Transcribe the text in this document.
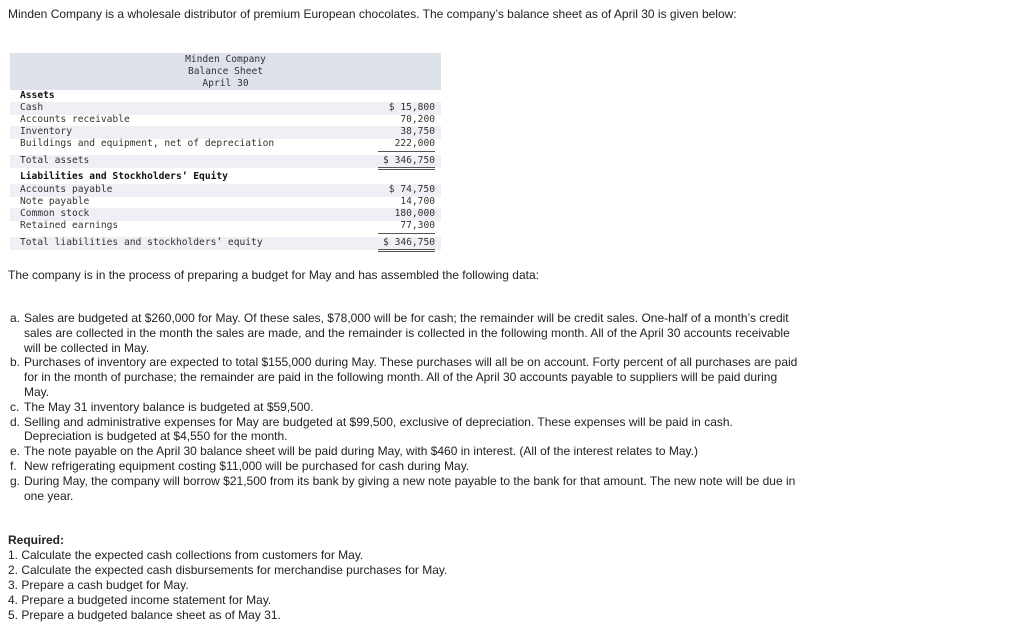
Minden Company is a wholesale distributor of premium European chocolates. The company’s balance sheet as of April 30 is given below:

Minden Company
Balance Sheet
April 30
Assets
Cash	$ 15,800
Accounts receivable	70,200
Inventory	38,750
Buildings and equipment, net of depreciation	222,000
Total assets	$ 346,750
Liabilities and Stockholders’ Equity
Accounts payable	$ 74,750
Note payable	14,700
Common stock	180,000
Retained earnings	77,300
Total liabilities and stockholders’ equity	$ 346,750

The company is in the process of preparing a budget for May and has assembled the following data:

a. Sales are budgeted at $260,000 for May. Of these sales, $78,000 will be for cash; the remainder will be credit sales. One-half of a month’s credit sales are collected in the month the sales are made, and the remainder is collected in the following month. All of the April 30 accounts receivable will be collected in May.
b. Purchases of inventory are expected to total $155,000 during May. These purchases will all be on account. Forty percent of all purchases are paid for in the month of purchase; the remainder are paid in the following month. All of the April 30 accounts payable to suppliers will be paid during May.
c. The May 31 inventory balance is budgeted at $59,500.
d. Selling and administrative expenses for May are budgeted at $99,500, exclusive of depreciation. These expenses will be paid in cash. Depreciation is budgeted at $4,550 for the month.
e. The note payable on the April 30 balance sheet will be paid during May, with $460 in interest. (All of the interest relates to May.)
f. New refrigerating equipment costing $11,000 will be purchased for cash during May.
g. During May, the company will borrow $21,500 from its bank by giving a new note payable to the bank for that amount. The new note will be due in one year.
Required:
1. Calculate the expected cash collections from customers for May.
2. Calculate the expected cash disbursements for merchandise purchases for May.
3. Prepare a cash budget for May.
4. Prepare a budgeted income statement for May.
5. Prepare a budgeted balance sheet as of May 31.
